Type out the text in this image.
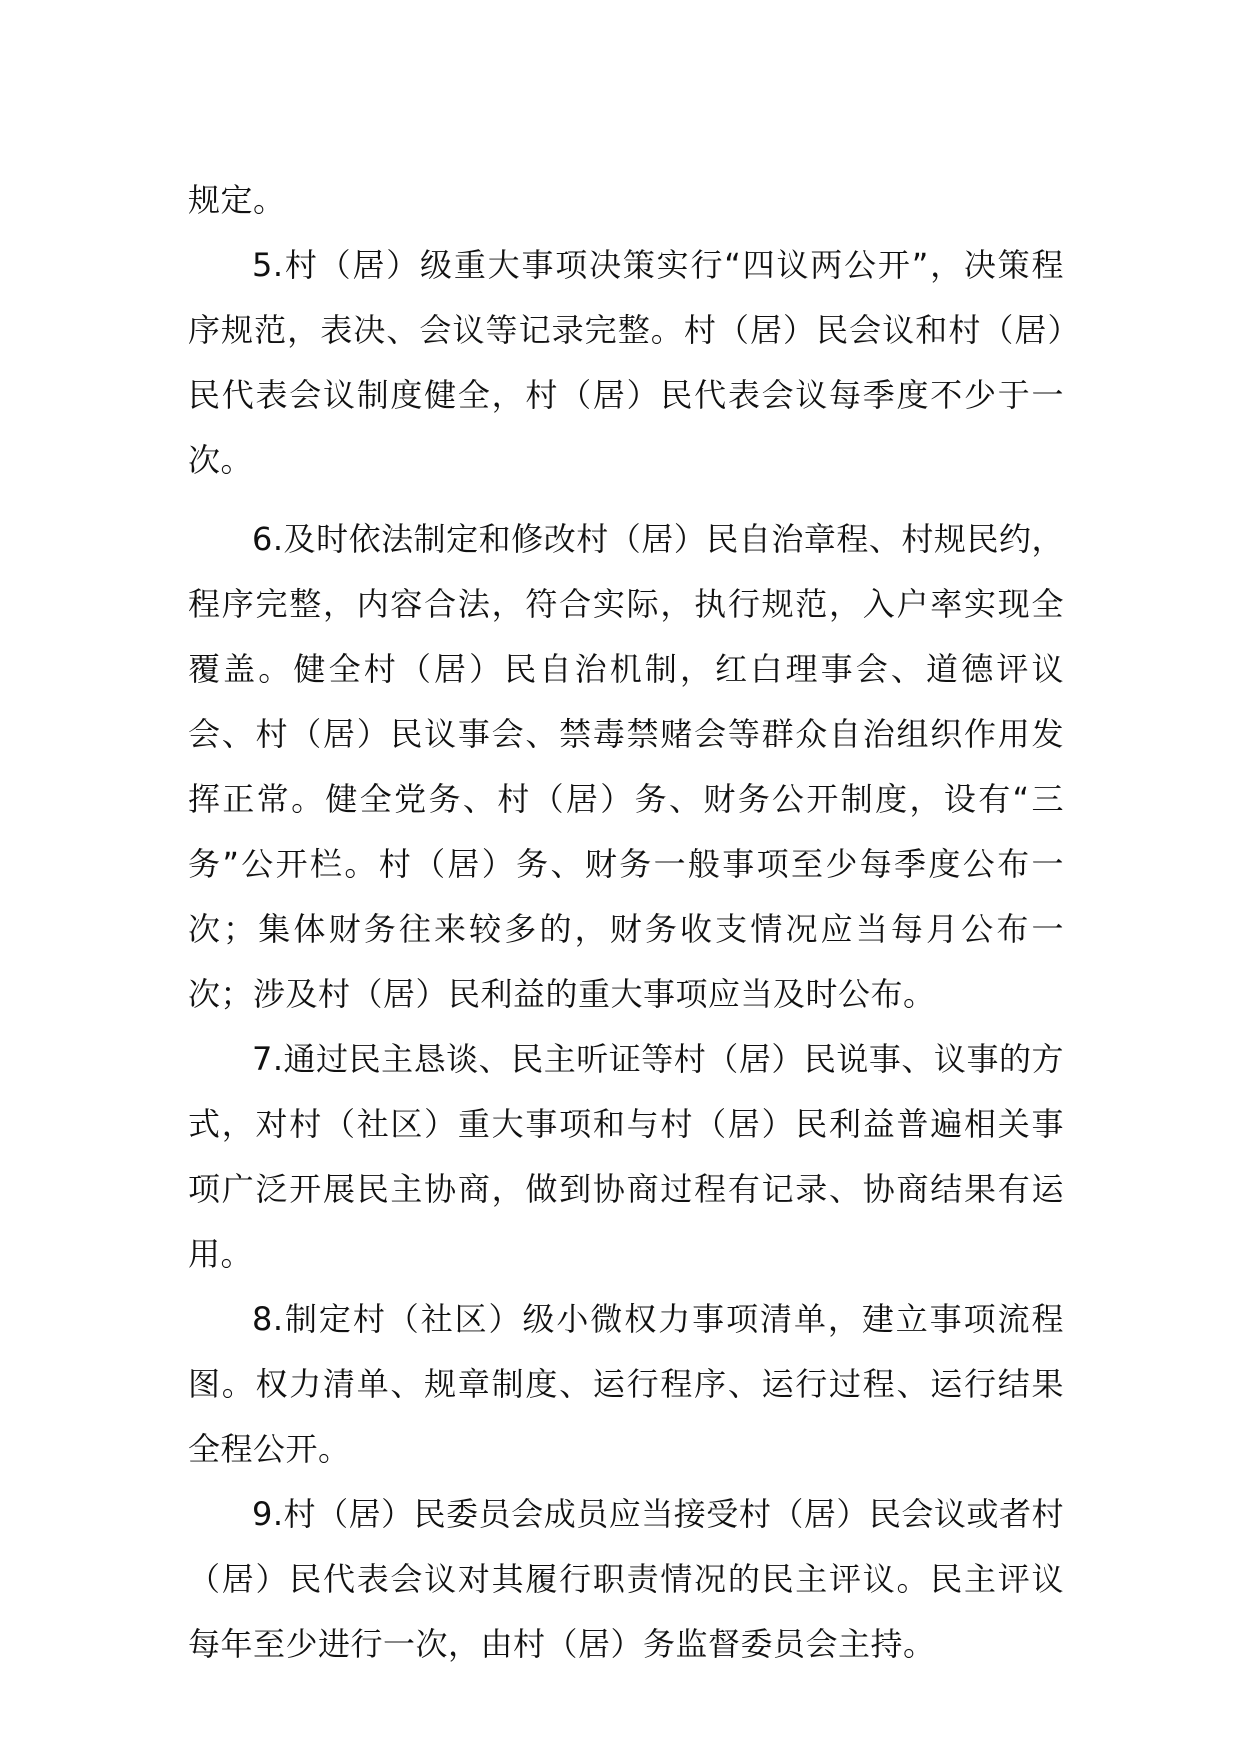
规定。

5.村（居）级重大事项决策实行“四议两公开”，决策程序规范，表决、会议等记录完整。村（居）民会议和村（居）民代表会议制度健全，村（居）民代表会议每季度不少于一次。

6.及时依法制定和修改村（居）民自治章程、村规民约，程序完整，内容合法，符合实际，执行规范，入户率实现全覆盖。健全村（居）民自治机制，红白理事会、道德评议会、村（居）民议事会、禁毒禁赌会等群众自治组织作用发挥正常。健全党务、村（居）务、财务公开制度，设有“三务”公开栏。村（居）务、财务一般事项至少每季度公布一次；集体财务往来较多的，财务收支情况应当每月公布一次；涉及村（居）民利益的重大事项应当及时公布。

7.通过民主恳谈、民主听证等村（居）民说事、议事的方式，对村（社区）重大事项和与村（居）民利益普遍相关事项广泛开展民主协商，做到协商过程有记录、协商结果有运用。

8.制定村（社区）级小微权力事项清单，建立事项流程图。权力清单、规章制度、运行程序、运行过程、运行结果全程公开。

9.村（居）民委员会成员应当接受村（居）民会议或者村（居）民代表会议对其履行职责情况的民主评议。民主评议每年至少进行一次，由村（居）务监督委员会主持。
